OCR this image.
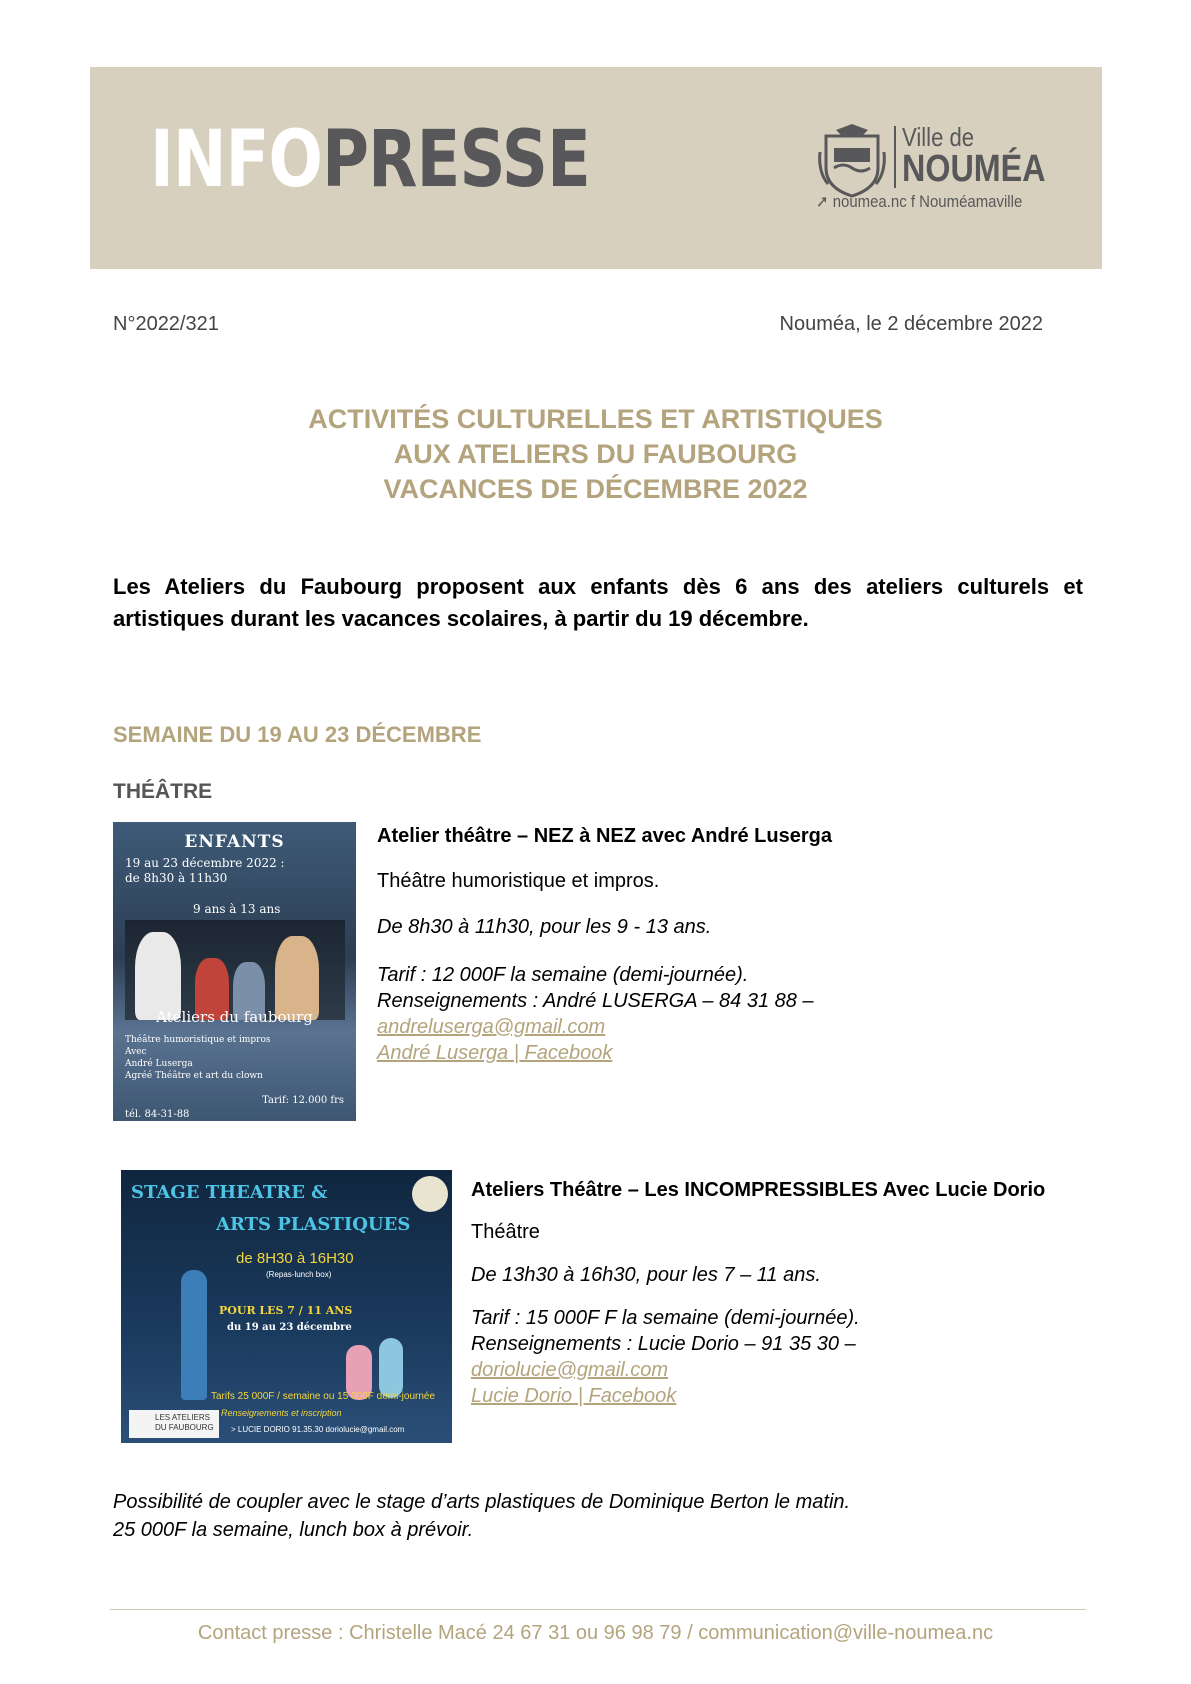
INFOPRESSE	Ville de
NOUMÉA
➚ noumea.nc f Nouméamaville
N°2022/321	Nouméa, le 2 décembre 2022
ACTIVITÉS CULTURELLES ET ARTISTIQUES
AUX ATELIERS DU FAUBOURG
VACANCES DE DÉCEMBRE 2022
Les Ateliers du Faubourg proposent aux enfants dès 6 ans des ateliers culturels et artistiques durant les vacances scolaires, à partir du 19 décembre.
SEMAINE DU 19 AU 23 DÉCEMBRE
THÉÂTRE
ENFANTS
19 au 23 décembre 2022 :
de 8h30 à 11h30
9 ans à 13 ans
Ateliers du faubourg
Théâtre humoristique et impros
Avec
André Luserga
Agréé Théâtre et art du clown
Tarif: 12.000 frs
tél. 84-31-88
Atelier théâtre – NEZ à NEZ avec André Luserga
Théâtre humoristique et impros.
De 8h30 à 11h30, pour les 9 - 13 ans.
Tarif : 12 000F la semaine (demi-journée).
Renseignements : André LUSERGA – 84 31 88 –
andreluserga@gmail.com
André Luserga | Facebook
STAGE THEATRE &
ARTS PLASTIQUES
de 8H30 à 16H30
(Repas-lunch box)
POUR LES 7 / 11 ANS
du 19 au 23 décembre
Tarifs 25 000F / semaine ou 15 000F demi-journée
Renseignements et inscription
LES ATELIERS DU FAUBOURG	> LUCIE DORIO 91.35.30 doriolucie@gmail.com
Ateliers Théâtre – Les INCOMPRESSIBLES Avec Lucie Dorio
Théâtre
De 13h30 à 16h30, pour les 7 – 11 ans.
Tarif : 15 000F F la semaine (demi-journée).
Renseignements : Lucie Dorio – 91 35 30 –
doriolucie@gmail.com
Lucie Dorio | Facebook
Possibilité de coupler avec le stage d’arts plastiques de Dominique Berton le matin.
25 000F la semaine, lunch box à prévoir.
Contact presse : Christelle Macé 24 67 31 ou 96 98 79 / communication@ville-noumea.nc
